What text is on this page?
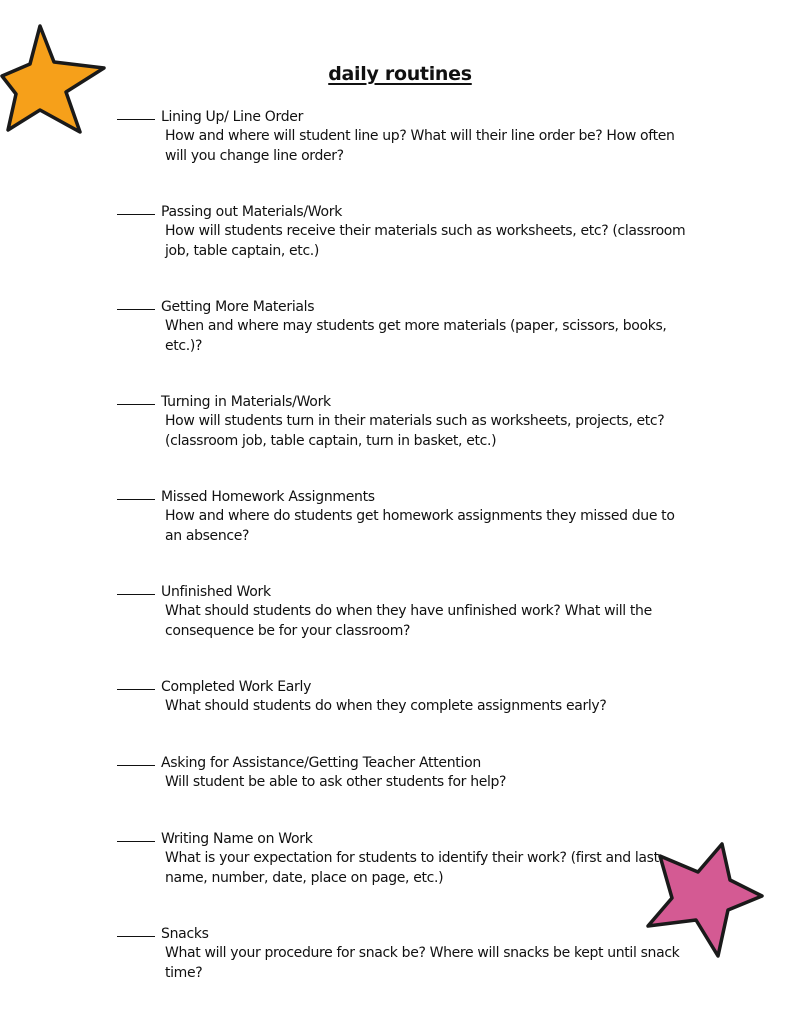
daily routines
Lining Up/ Line Order
How and where will student line up? What will their line order be? How often will you change line order?
Passing out Materials/Work
How will students receive their materials such as worksheets, etc? (classroom job, table captain, etc.)
Getting More Materials
When and where may students get more materials (paper, scissors, books, etc.)?
Turning in Materials/Work
How will students turn in their materials such as worksheets, projects, etc? (classroom job, table captain, turn in basket, etc.)
Missed Homework Assignments
How and where do students get homework assignments they missed due to an absence?
Unfinished Work
What should students do when they have unfinished work? What will the consequence be for your classroom?
Completed Work Early
What should students do when they complete assignments early?
Asking for Assistance/Getting Teacher Attention
Will student be able to ask other students for help?
Writing Name on Work
What is your expectation for students to identify their work? (first and last name, number, date, place on page, etc.)
Snacks
What will your procedure for snack be? Where will snacks be kept until snack time?
